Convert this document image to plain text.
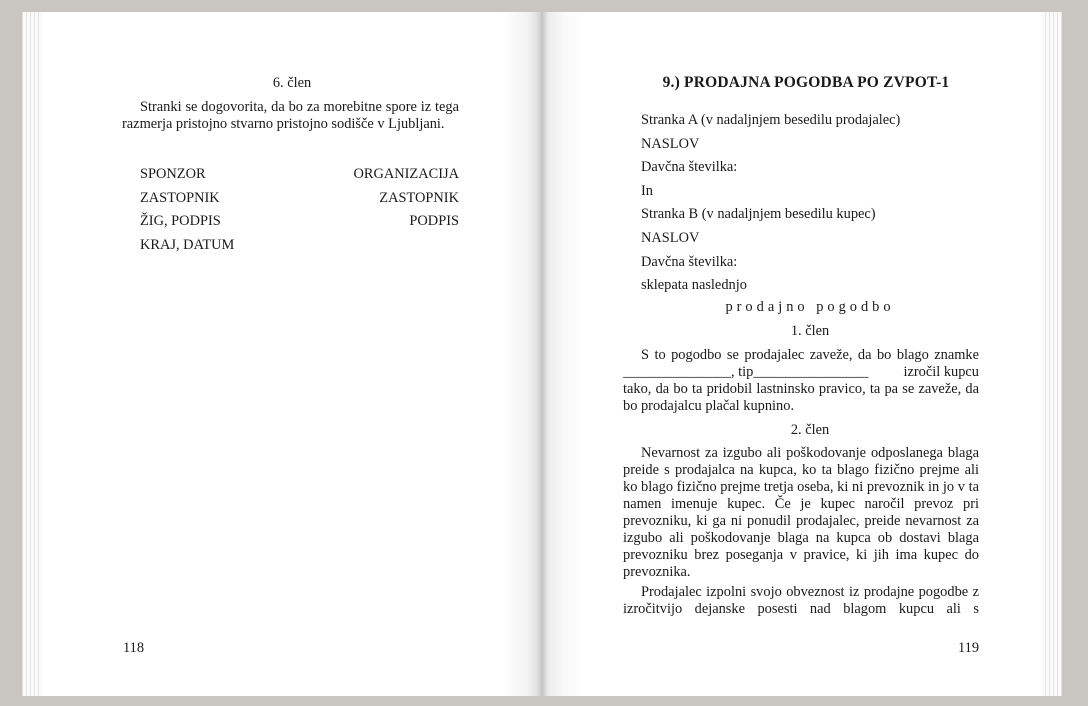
6. člen
Stranki se dogovorita, da bo za morebitne spore iz tega razmerja pristojno stvarno pristojno sodišče v Ljubljani.
SPONZOR
ZASTOPNIK
ŽIG, PODPIS
KRAJ, DATUM
ORGANIZACIJA
ZASTOPNIK
PODPIS
118
9.) PRODAJNA POGODBA PO ZVPOT-1
Stranka A (v nadaljnjem besedilu prodajalec)
NASLOV
Davčna številka:
In
Stranka B (v nadaljnjem besedilu kupec)
NASLOV
Davčna številka:
sklepata naslednjo
prodajno pogodbo
1. člen
S to pogodbo se prodajalec zaveže, da bo blago znamke
_______________, tip________________ izročil kupcu
tako, da bo ta pridobil lastninsko pravico, ta pa se zaveže, da bo prodajalcu plačal kupnino.
2. člen
Nevarnost za izgubo ali poškodovanje odposlanega blaga preide s prodajalca na kupca, ko ta blago fizično prejme ali ko blago fizično prejme tretja oseba, ki ni prevoznik in jo v ta namen imenuje kupec. Če je kupec naročil prevoz pri prevozniku, ki ga ni ponudil prodajalec, preide nevarnost za izgubo ali poškodovanje blaga na kupca ob dostavi blaga prevozniku brez poseganja v pravice, ki jih ima kupec do prevoznika.
Prodajalec izpolni svojo obveznost iz prodajne pogodbe z izročitvijo dejanske posesti nad blagom kupcu ali s
119
